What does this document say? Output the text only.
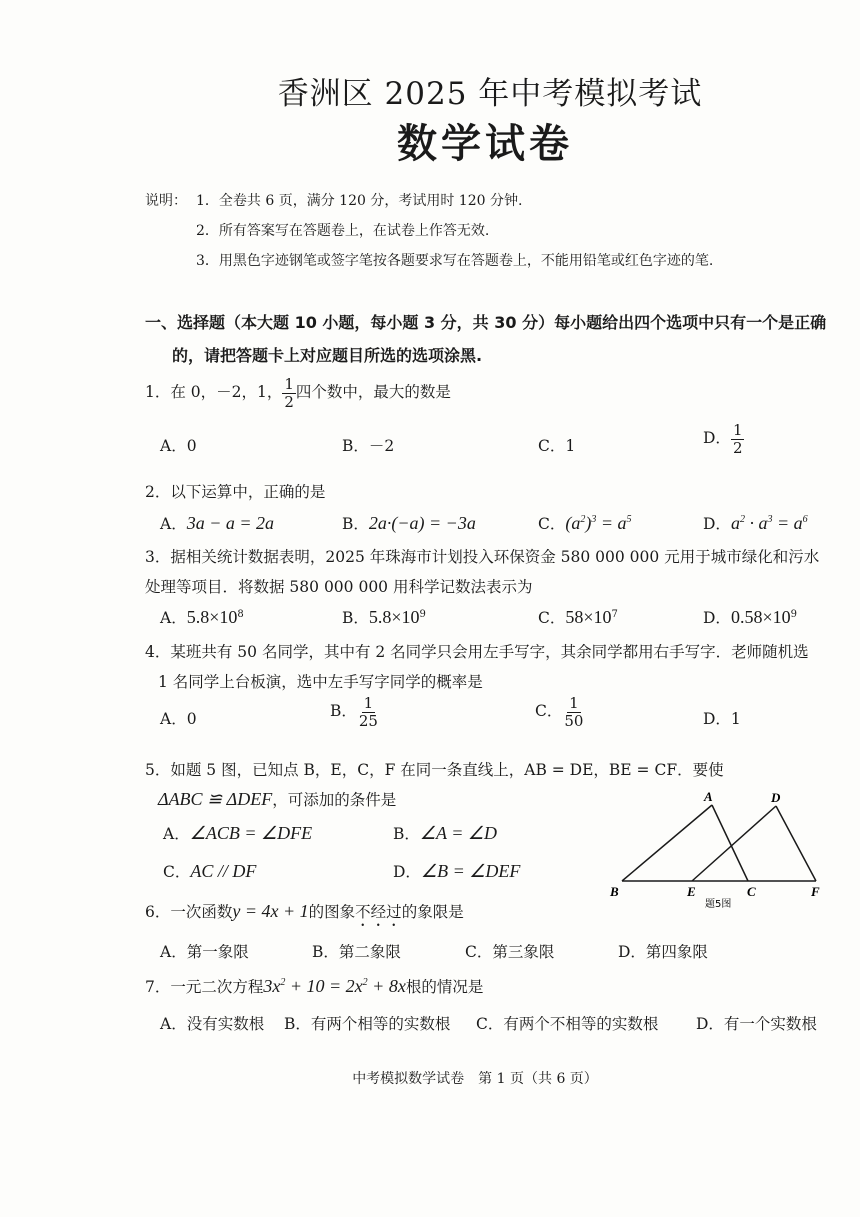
香洲区 2025 年中考模拟考试
数学试卷
说明： 1．全卷共 6 页，满分 120 分，考试用时 120 分钟.
2．所有答案写在答题卷上，在试卷上作答无效.
3．用黑色字迹钢笔或签字笔按各题要求写在答题卷上，不能用铅笔或红色字迹的笔.
一、选择题（本大题 10 小题，每小题 3 分，共 30 分）每小题给出四个选项中只有一个是正确
的，请把答题卡上对应题目所选的选项涂黑.
1．在 0，－2，1， $\frac{1}{2}$ 四个数中，最大的数是
A．0	B．－2	C．1	D． $\frac{1}{2}$
2．以下运算中，正确的是
A．3a − a = 2a	B．2a·(−a) = −3a	C．$(a^2)^3 = a^5$	D．$a^2 \cdot a^3 = a^6$
3．据相关统计数据表明，2025 年珠海市计划投入环保资金 580 000 000 元用于城市绿化和污水
处理等项目．将数据 580 000 000 用科学记数法表示为
A．$5.8\times 10^8$	B．$5.8\times 10^9$	C．$58\times 10^7$	D．$0.58\times 10^9$
4．某班共有 50 名同学，其中有 2 名同学只会用左手写字，其余同学都用右手写字．老师随机选
1 名同学上台板演，选中左手写字同学的概率是
A．0	B． $\frac{1}{25}$	C． $\frac{1}{50}$	D．1
5．如题 5 图，已知点 B，E，C，F 在同一条直线上，AB = DE，BE = CF．要使
ΔABC ≌ ΔDEF，可添加的条件是
A．∠ACB = ∠DFE	B．∠A = ∠D
C．AC // DF	D．∠B = ∠DEF
A	D
B	E	C	F
题5图
6．一次函数y = 4x + 1的图象不经过的象限是
A．第一象限	B．第二象限	C．第三象限	D．第四象限
7．一元二次方程$3x^2 + 10 = 2x^2 + 8x$根的情况是
A．没有实数根 B．有两个相等的实数根 C．有两个不相等的实数根 D．有一个实数根
中考模拟数学试卷　第 1 页（共 6 页）
